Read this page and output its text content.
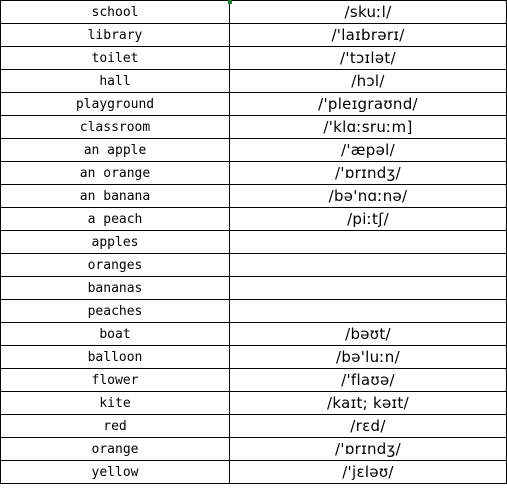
school	/skuːl/
library	/'laɪbrərɪ/
toilet	/'tɔɪlət/
hall	/hɔl/
playground	/'pleɪgraʊnd/
classroom	/'klɑːsruːm]
an apple	/'æpəl/
an orange	/'ɒrɪndʒ/
an banana	/bə'nɑːnə/
a peach	/piːtʃ/
apples	
oranges	
bananas	
peaches	
boat	/bəʊt/
balloon	/bə'luːn/
flower	/'flaʊə/
kite	/kaɪt; kəɪt/
red	/rɛd/
orange	/'ɒrɪndʒ/
yellow	/'jɛləʊ/
